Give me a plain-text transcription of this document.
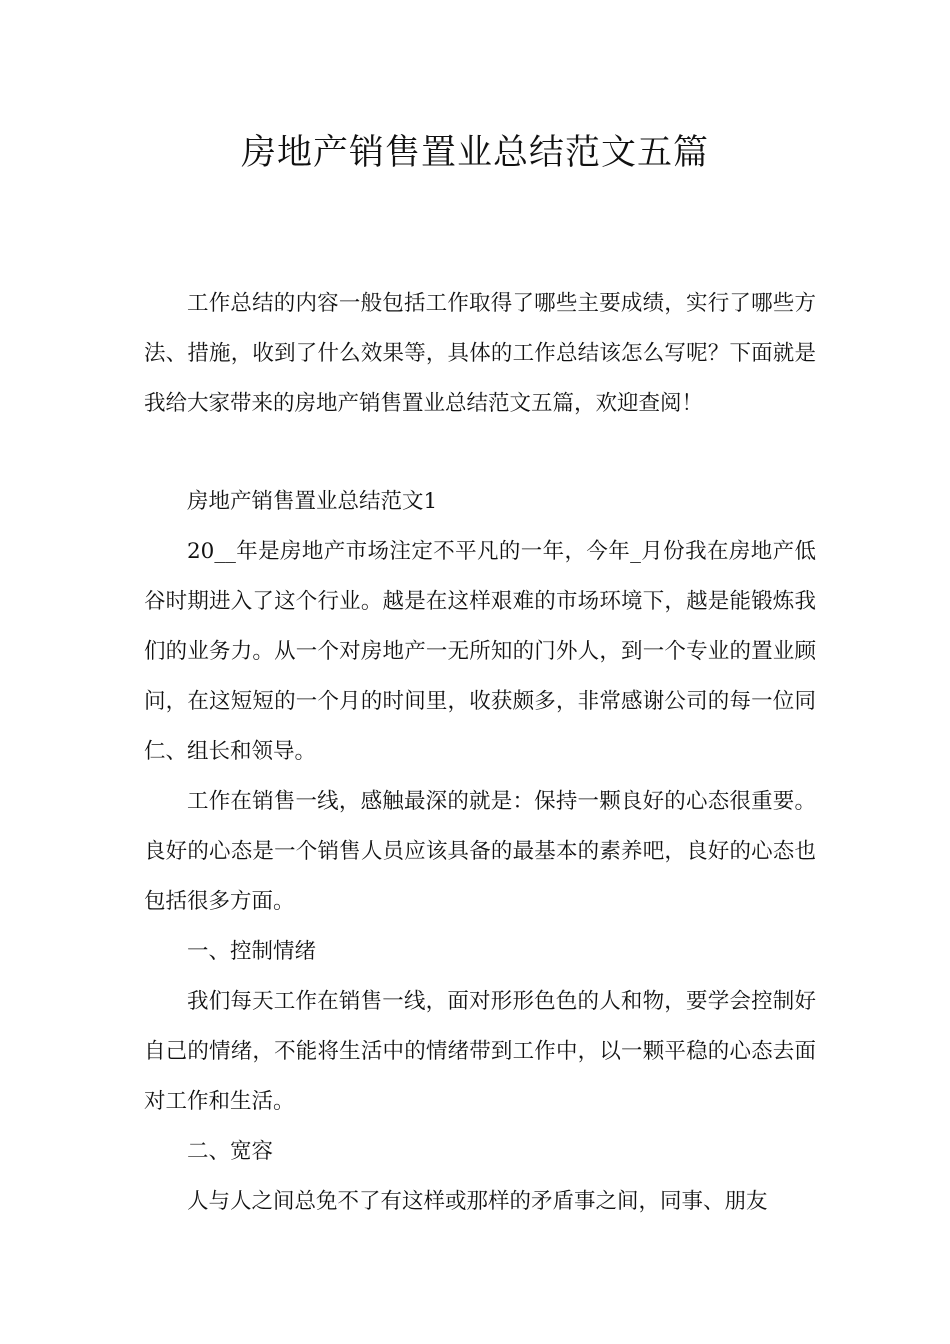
房地产销售置业总结范文五篇

工作总结的内容一般包括工作取得了哪些主要成绩，实行了哪些方法、措施，收到了什么效果等，具体的工作总结该怎么写呢？下面就是我给大家带来的房地产销售置业总结范文五篇，欢迎查阅！

房地产销售置业总结范文1

20__年是房地产市场注定不平凡的一年，今年_月份我在房地产低谷时期进入了这个行业。越是在这样艰难的市场环境下，越是能锻炼我们的业务力。从一个对房地产一无所知的门外人，到一个专业的置业顾问，在这短短的一个月的时间里，收获颇多，非常感谢公司的每一位同仁、组长和领导。

工作在销售一线，感触最深的就是：保持一颗良好的心态很重要。良好的心态是一个销售人员应该具备的最基本的素养吧，良好的心态也包括很多方面。

一、控制情绪

我们每天工作在销售一线，面对形形色色的人和物，要学会控制好自己的情绪，不能将生活中的情绪带到工作中，以一颗平稳的心态去面对工作和生活。

二、宽容

人与人之间总免不了有这样或那样的矛盾事之间，同事、朋友
